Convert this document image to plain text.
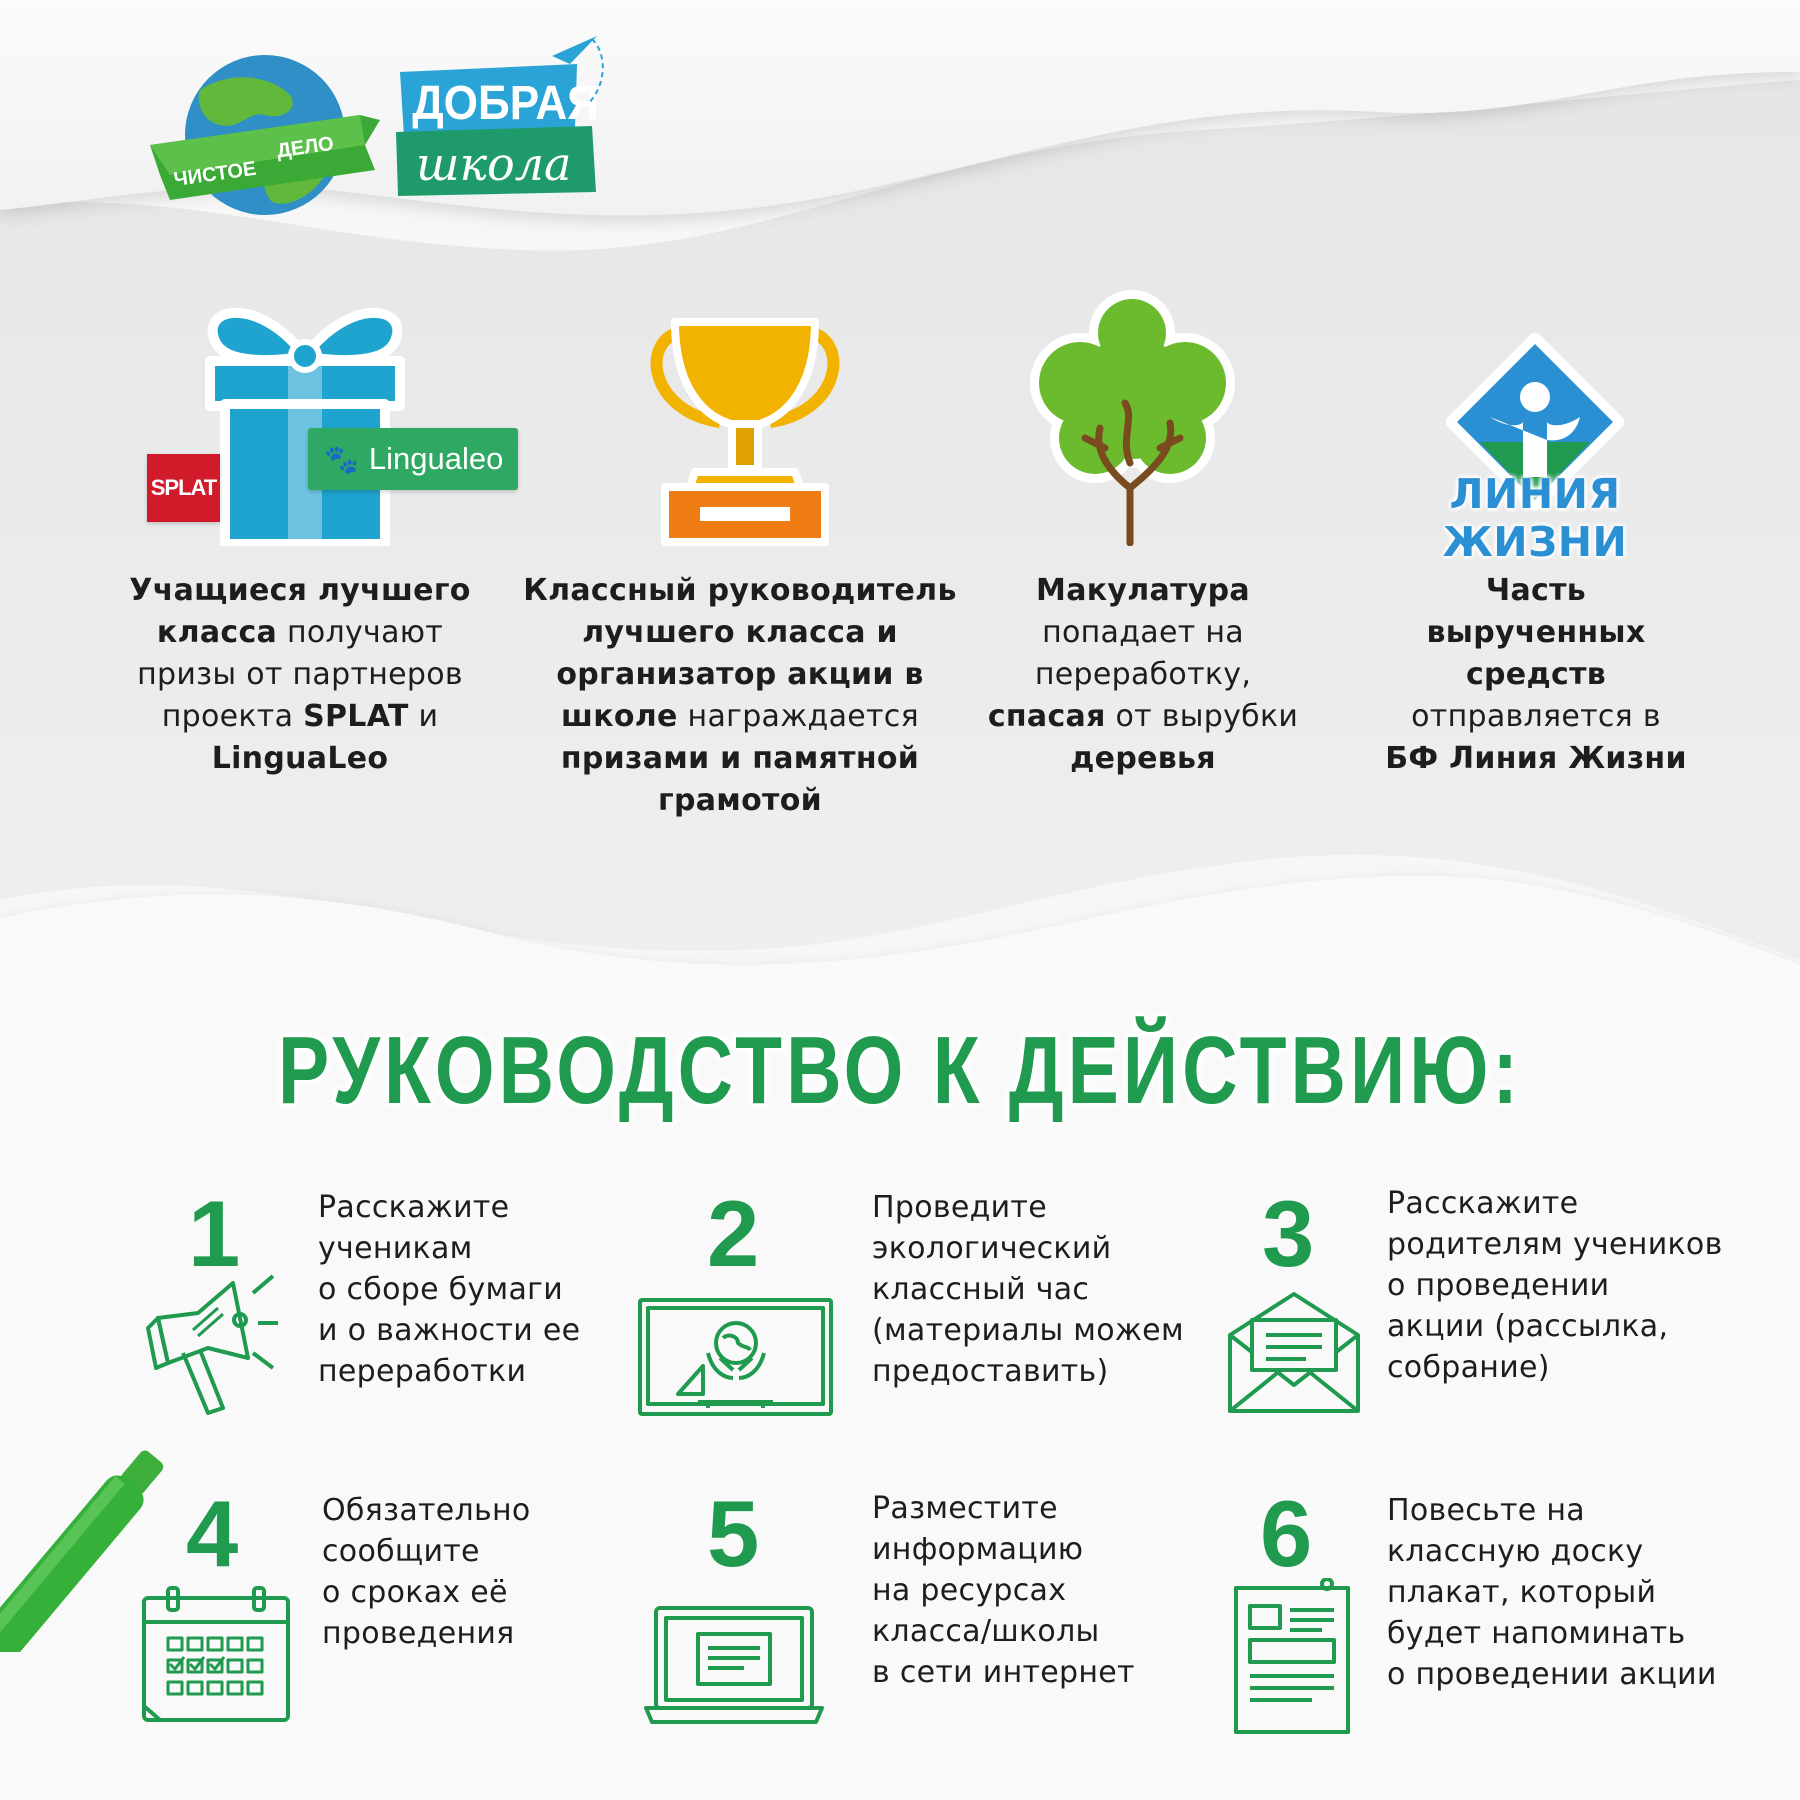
ЧИСТОЕ
ДЕЛО
ДОБРАЯ
школа
SPLAT
🐾 Lingualeo
ЛИНИЯ ЖИЗНИ
Учащиеся лучшего
класса получают
призы от партнеров
проекта SPLAT и
LinguaLeo
Классный руководитель
лучшего класса и
организатор акции в
школе награждается
призами и памятной
грамотой
Макулатура
попадает на
переработку,
спасая от вырубки
деревья
Часть
вырученных
средств
отправляется в
БФ Линия Жизни
РУКОВОДСТВО К ДЕЙСТВИЮ:
1	Расскажите
ученикам
о сборе бумаги
и о важности ее
переработки
2	Проведите
экологический
классный час
(материалы можем
предоставить)
3 Расскажите
родителям учеников
о проведении
акции (рассылка,
собрание)
4	Обязательно
сообщите
о сроках её
проведения
5	Разместите
информацию
на ресурсах
класса/школы
в сети интернет
6 Повесьте на
классную доску
плакат, который
будет напоминать
о проведении акции
